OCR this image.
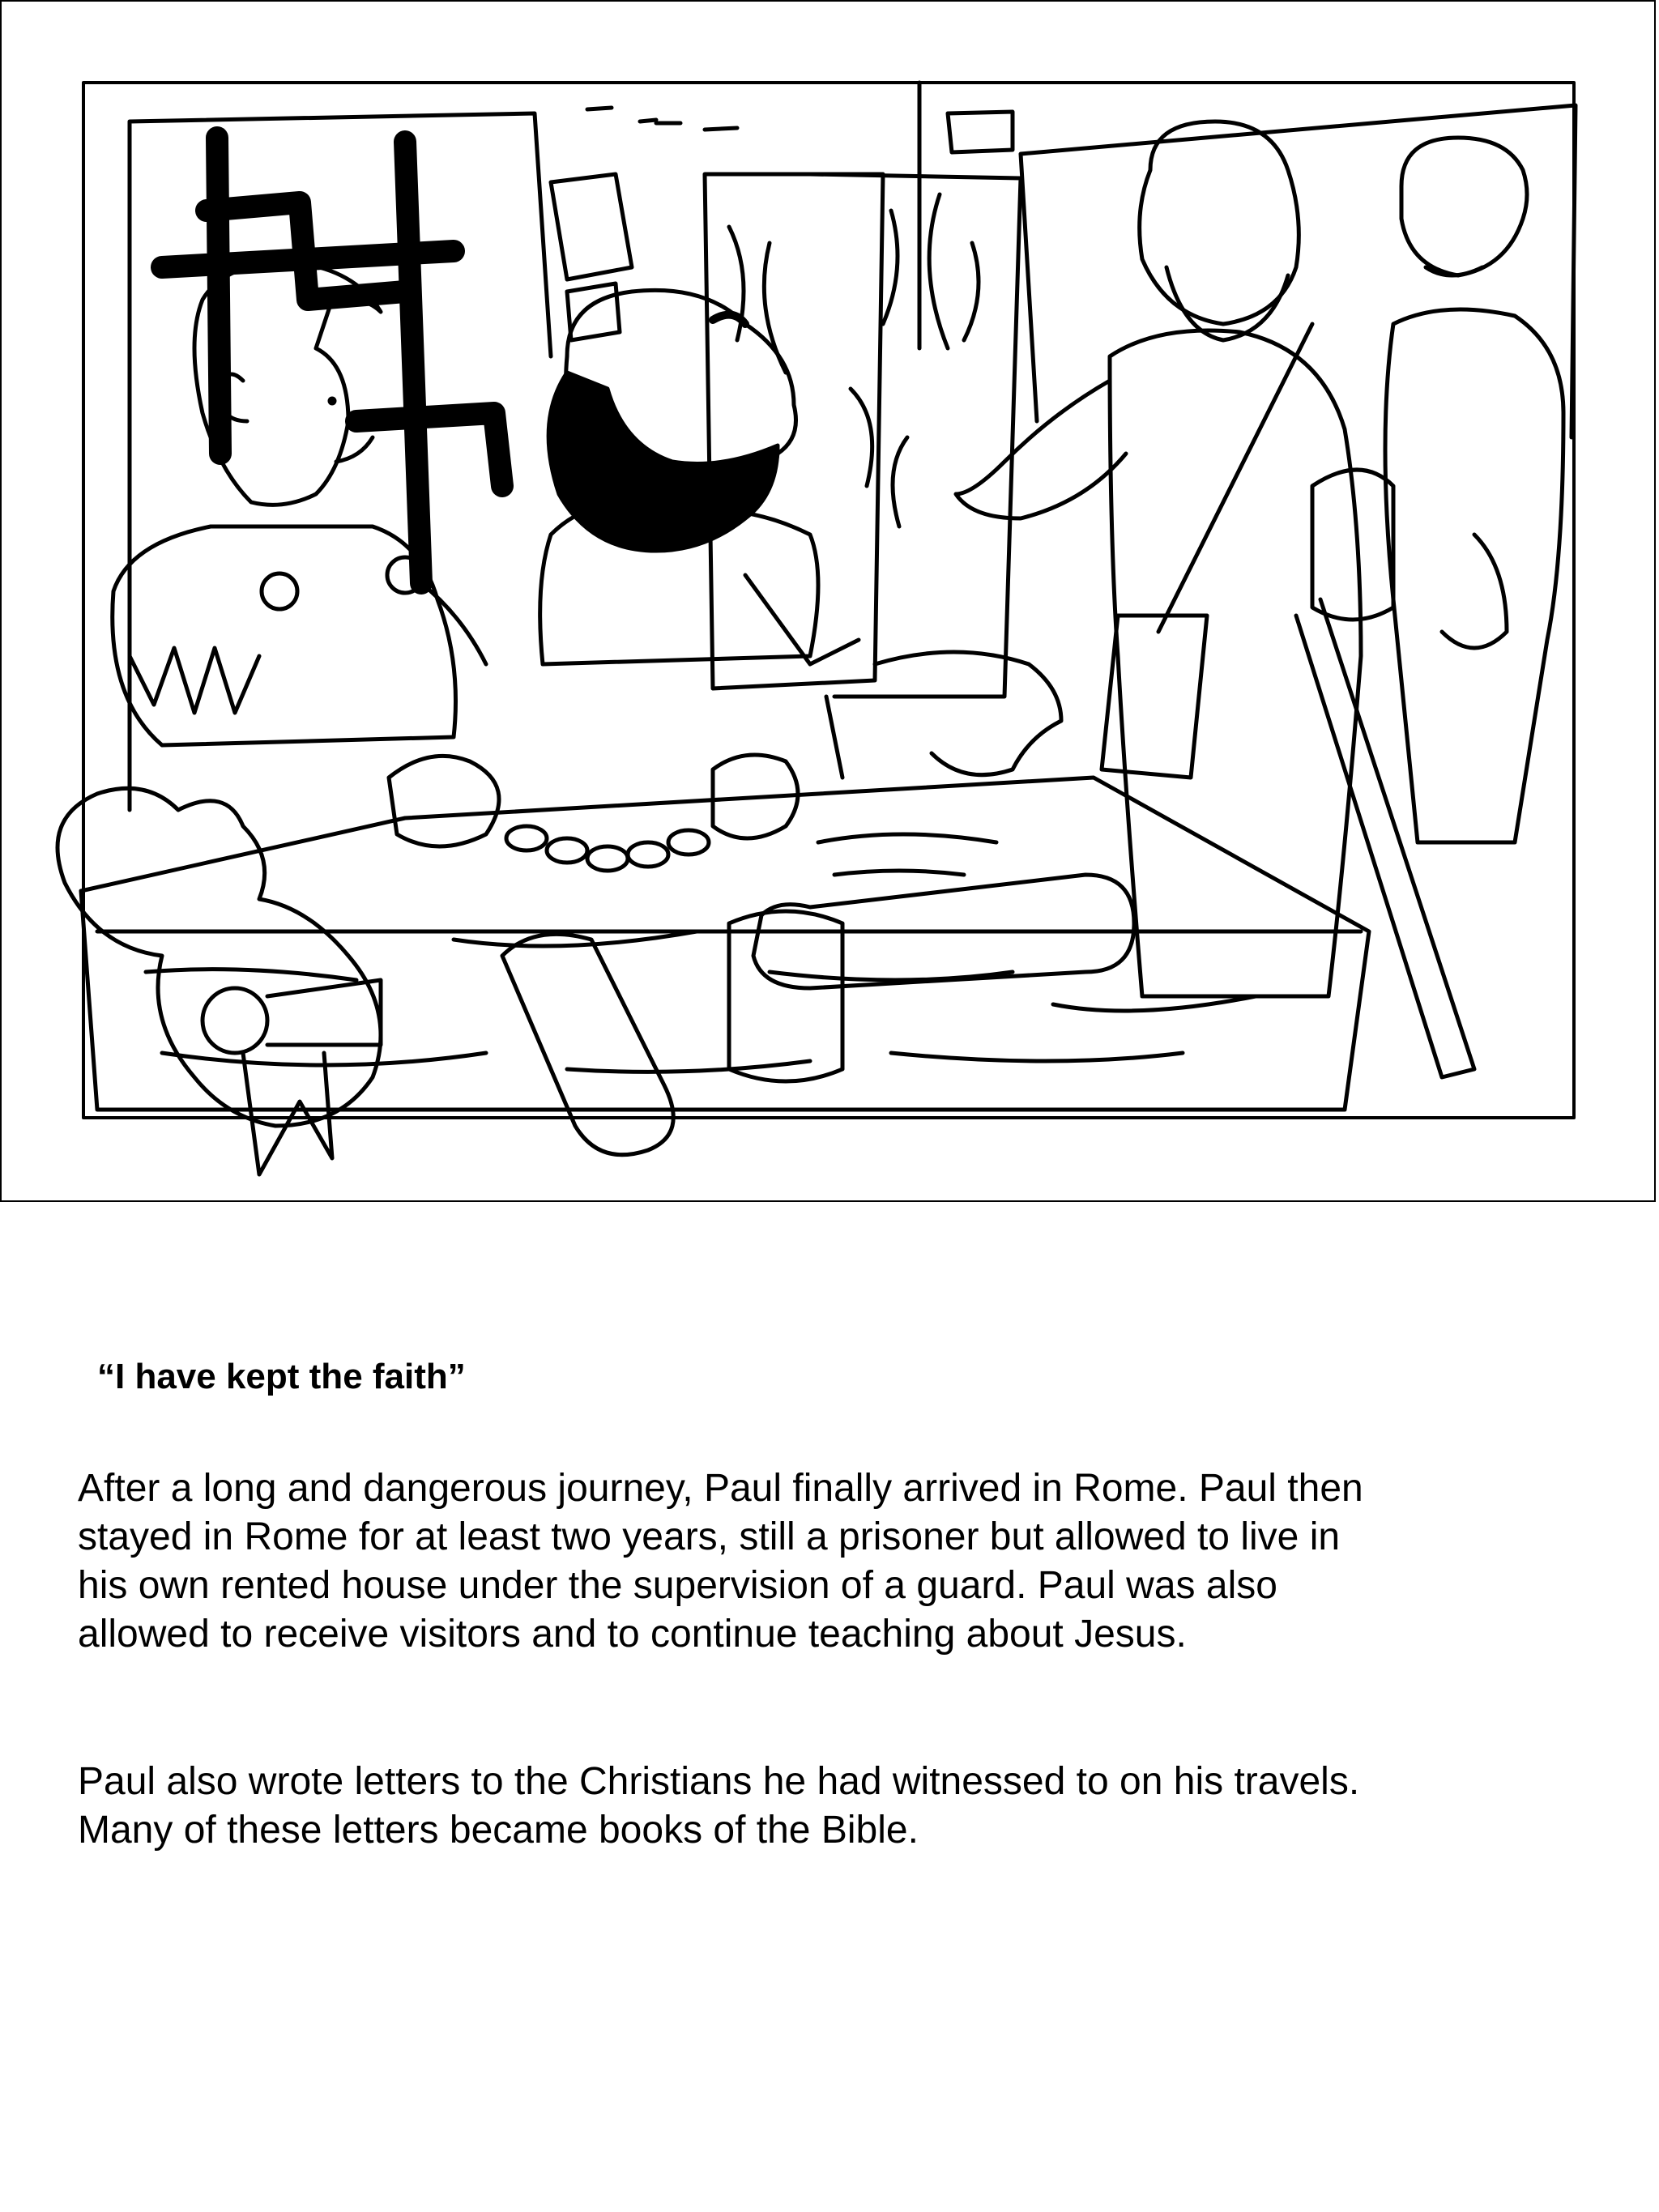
“I have kept the faith”

After a long and dangerous journey, Paul finally arrived in Rome. Paul then
stayed in Rome for at least two years, still a prisoner but allowed to live in
his own rented house under the supervision of a guard. Paul was also
allowed to receive visitors and to continue teaching about Jesus.

Paul also wrote letters to the Christians he had witnessed to on his travels.
Many of these letters became books of the Bible.
